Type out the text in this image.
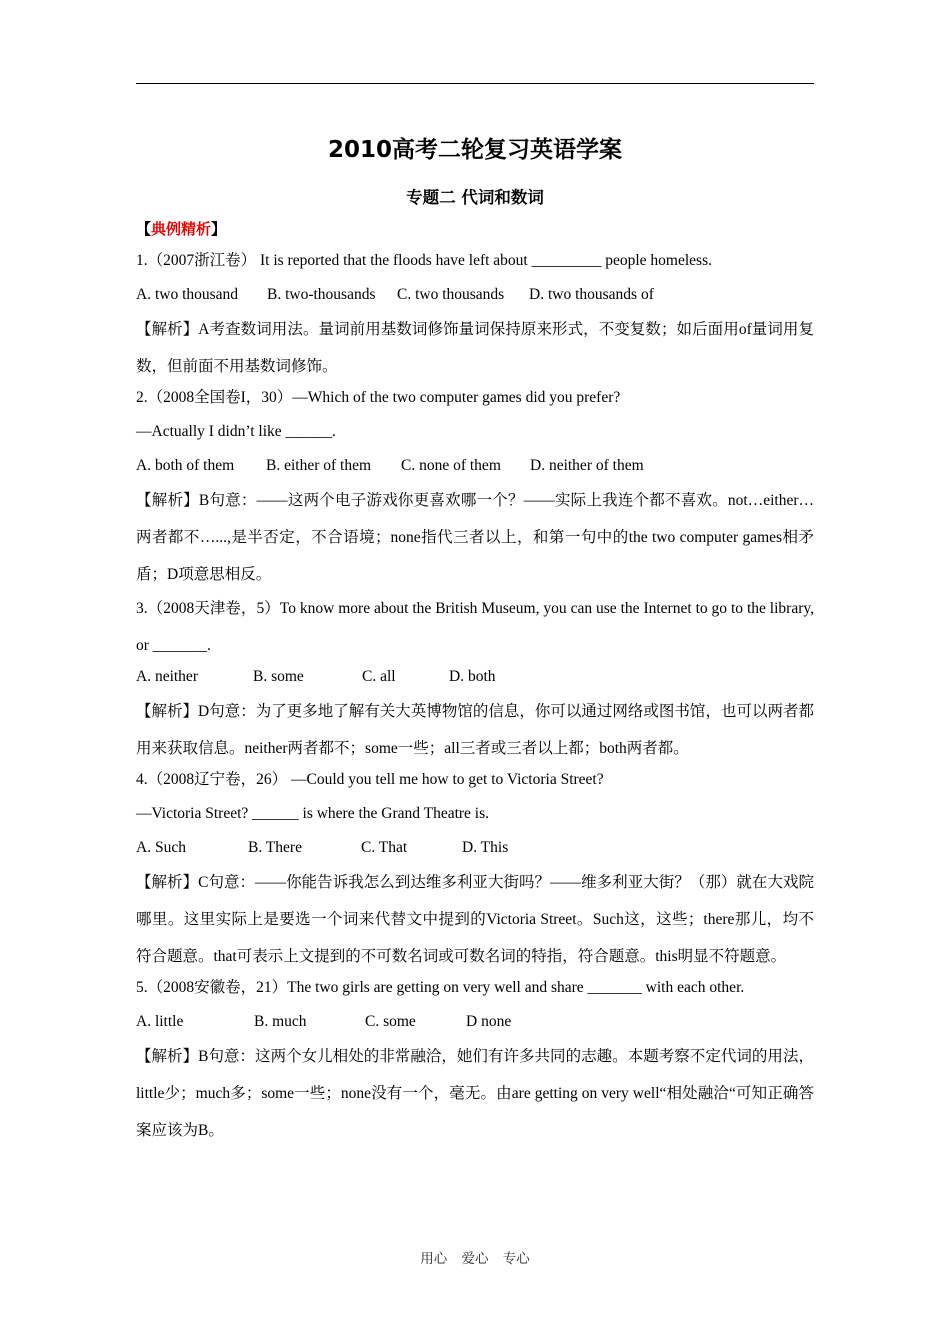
2010高考二轮复习英语学案
专题二 代词和数词
【典例精析】
1.（2007浙江卷） It is reported that the floods have left about _________ people homeless.
A. two thousand	B. two-thousands	C. two thousands	D. two thousands of
【解析】A考查数词用法。量词前用基数词修饰量词保持原来形式，不变复数；如后面用of量词用复数，但前面不用基数词修饰。
2.（2008全国卷I，30）—Which of the two computer games did you prefer?
—Actually I didn’t like ______.
A. both of them	B. either of them	C. none of them	D. neither of them
【解析】B句意：——这两个电子游戏你更喜欢哪一个？——实际上我连个都不喜欢。not…either…两者都不…...,是半否定，不合语境；none指代三者以上，和第一句中的the two computer games相矛盾；D项意思相反。
3.（2008天津卷，5）To know more about the British Museum, you can use the Internet to go to the library, or _______.
A. neither	B. some	C. all	D. both
【解析】D句意：为了更多地了解有关大英博物馆的信息，你可以通过网络或图书馆，也可以两者都用来获取信息。neither两者都不；some一些；all三者或三者以上都；both两者都。
4.（2008辽宁卷，26） —Could you tell me how to get to Victoria Street?
—Victoria Street? ______ is where the Grand Theatre is.
A. Such	B. There	C. That	D. This
【解析】C句意：——你能告诉我怎么到达维多利亚大街吗？——维多利亚大街？（那）就在大戏院哪里。这里实际上是要选一个词来代替文中提到的Victoria Street。Such这，这些；there那儿，均不符合题意。that可表示上文提到的不可数名词或可数名词的特指，符合题意。this明显不符题意。
5.（2008安徽卷，21）The two girls are getting on very well and share _______ with each other.
A. little	B. much	C. some	D none
【解析】B句意：这两个女儿相处的非常融洽，她们有许多共同的志趣。本题考察不定代词的用法，little少；much多；some一些；none没有一个，毫无。由are getting on very well“相处融洽“可知正确答案应该为B。
用心 爱心 专心
